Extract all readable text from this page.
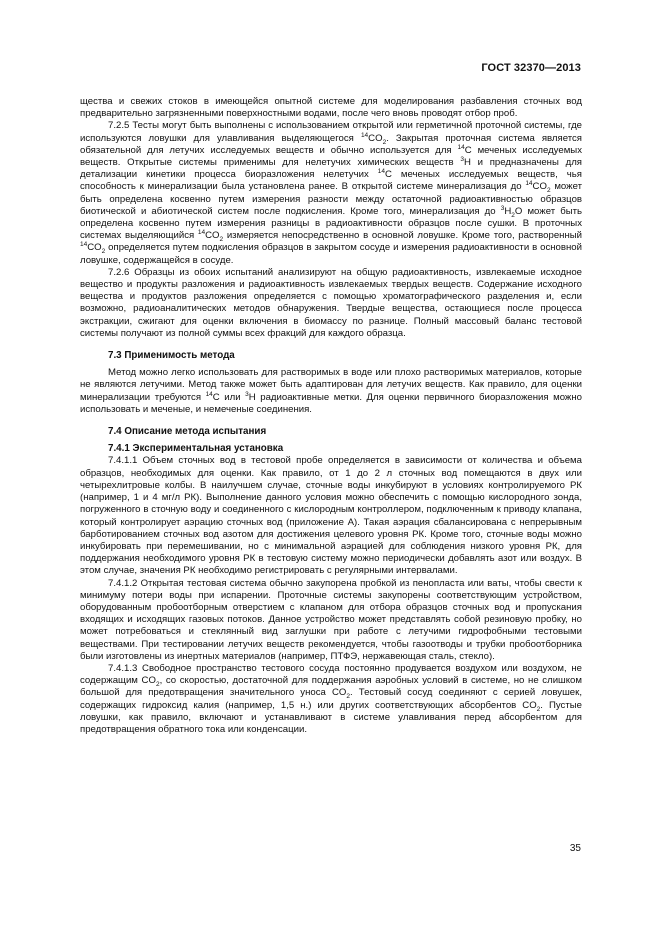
ГОСТ 32370—2013

щества и свежих стоков в имеющейся опытной системе для моделирования разбавления сточных вод предварительно загрязненными поверхностными водами, после чего вновь проводят отбор проб.

7.2.5 Тесты могут быть выполнены с использованием открытой или герметичной проточной системы, где используются ловушки для улавливания выделяющегося $^{14}CO_2$. Закрытая проточная система является обязательной для летучих исследуемых веществ и обычно используется для $^{14}$C меченых исследуемых веществ. Открытые системы применимы для нелетучих химических веществ $^3$H и предназначены для детализации кинетики процесса биоразложения нелетучих $^{14}$C меченых исследуемых веществ, чья способность к минерализации была установлена ранее. В открытой системе минерализация до $^{14}CO_2$ может быть определена косвенно путем измерения разности между остаточной радиоактивностью образцов биотической и абиотической систем после подкисления. Кроме того, минерализация до $^3H_2O$ может быть определена косвенно путем измерения разницы в радиоактивности образцов после сушки. В проточных системах выделяющийся $^{14}CO_2$ измеряется непосредственно в основной ловушке. Кроме того, растворенный $^{14}CO_2$ определяется путем подкисления образцов в закрытом сосуде и измерения радиоактивности в основной ловушке, содержащейся в сосуде.

7.2.6 Образцы из обоих испытаний анализируют на общую радиоактивность, извлекаемые исходное вещество и продукты разложения и радиоактивность извлекаемых твердых веществ. Содержание исходного вещества и продуктов разложения определяется с помощью хроматографического разделения и, если возможно, радиоаналитических методов обнаружения. Твердые вещества, остающиеся после процесса экстракции, сжигают для оценки включения в биомассу по разнице. Полный массовый баланс тестовой системы получают из полной суммы всех фракций для каждого образца.

7.3 Применимость метода

Метод можно легко использовать для растворимых в воде или плохо растворимых материалов, которые не являются летучими. Метод также может быть адаптирован для летучих веществ. Как правило, для оценки минерализации требуются $^{14}$C или $^3$H радиоактивные метки. Для оценки первичного биоразложения можно использовать и меченые, и немеченые соединения.

7.4 Описание метода испытания
7.4.1 Экспериментальная установка

7.4.1.1 Объем сточных вод в тестовой пробе определяется в зависимости от количества и объема образцов, необходимых для оценки. Как правило, от 1 до 2 л сточных вод помещаются в двух или четырехлитровые колбы. В наилучшем случае, сточные воды инкубируют в условиях контролируемого РК (например, 1 и 4 мг/л РК). Выполнение данного условия можно обеспечить с помощью кислородного зонда, погруженного в сточную воду и соединенного с кислородным контроллером, подключенным к приводу клапана, который контролирует аэрацию сточных вод (приложение А). Такая аэрация сбалансирована с непрерывным барботированием сточных вод азотом для достижения целевого уровня РК. Кроме того, сточные воды можно инкубировать при перемешивании, но с минимальной аэрацией для соблюдения низкого уровня РК, для поддержания необходимого уровня РК в тестовую систему можно периодически добавлять азот или воздух. В этом случае, значения РК необходимо регистрировать с регулярными интервалами.

7.4.1.2 Открытая тестовая система обычно закупорена пробкой из пенопласта или ваты, чтобы свести к минимуму потери воды при испарении. Проточные системы закупорены соответствующим устройством, оборудованным пробоотборным отверстием с клапаном для отбора образцов сточных вод и пропускания входящих и исходящих газовых потоков. Данное устройство может представлять собой резиновую пробку, но может потребоваться и стеклянный вид заглушки при работе с летучими гидрофобными тестовыми веществами. При тестировании летучих веществ рекомендуется, чтобы газоотводы и трубки пробоотборника были изготовлены из инертных материалов (например, ПТФЭ, нержавеющая сталь, стекло).

7.4.1.3 Свободное пространство тестового сосуда постоянно продувается воздухом или воздухом, не содержащим $CO_2$, со скоростью, достаточной для поддержания аэробных условий в системе, но не слишком большой для предотвращения значительного уноса $CO_2$. Тестовый сосуд соединяют с серией ловушек, содержащих гидроксид калия (например, 1,5 н.) или других соответствующих абсорбентов $CO_2$. Пустые ловушки, как правило, включают и устанавливают в системе улавливания перед абсорбентом для предотвращения обратного тока или конденсации.

35
